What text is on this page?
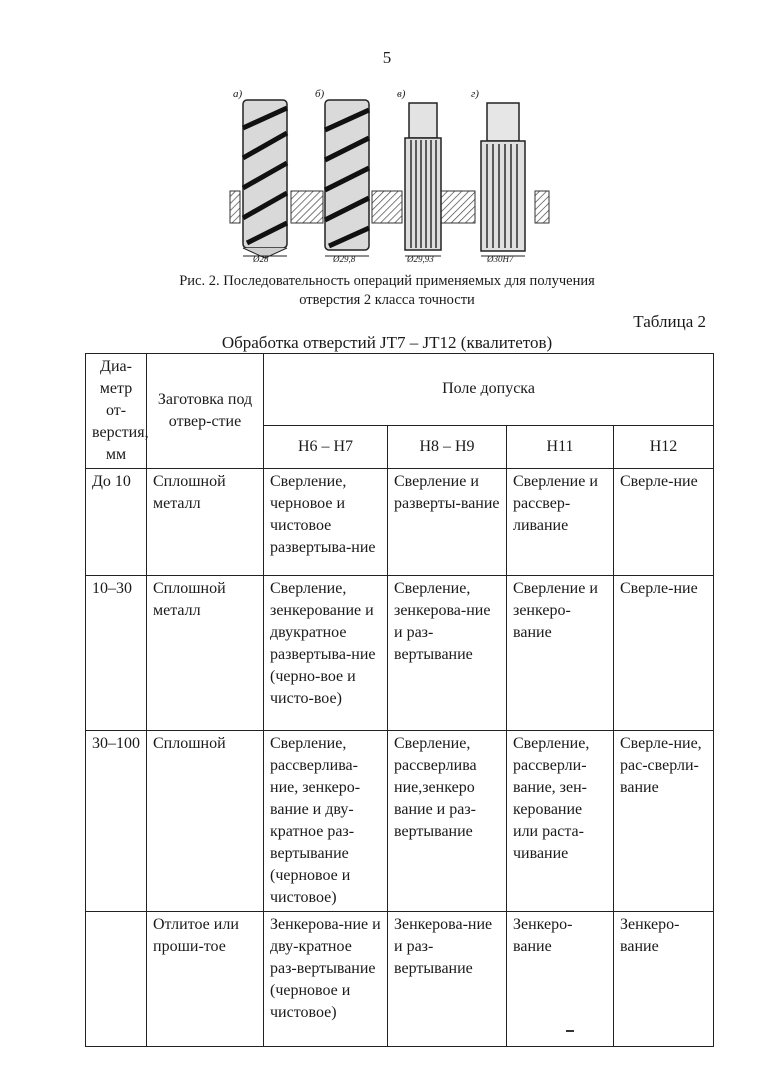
5
а)	б)	в)	г)
Ø28	Ø29,8	Ø29,93	Ø30H7
Рис. 2. Последовательность операций применяемых для получения
отверстия 2 класса точности
Таблица 2
Обработка отверстий JT7 – JT12 (квалитетов)
Диа-метр от-верстия, мм	Заготовка под отвер-стие	Поле допуска			
		Н6 – Н7	Н8 – Н9	Н11	Н12
До 10	Сплошной металл	Сверление, черновое и чистовое развертыва-ние	Сверление и разверты-вание	Сверление и рассвер-ливание	Сверле-ние
10–30	Сплошной металл	Сверление, зенкерование и двукратное развертыва-ние (черно-вое и чисто-вое)	Сверление, зенкерова-ние и раз-вертывание	Сверление и зенкеро-вание	Сверле-ние
30–100	Сплошной	Сверление, рассверлива-ние, зенкеро-вание и дву-кратное раз-вертывание (черновое и чистовое)	Сверление, рассверлива ние,зенкеро вание и раз-вертывание	Сверление, рассверли-вание, зен-керование или раста-чивание	Сверле-ние, рас-сверли-вание
	Отлитое или проши-тое	Зенкерова-ние и дву-кратное раз-вертывание (черновое и чистовое)	Зенкерова-ние и раз-вертывание	Зенкеро-вание	Зенкеро-вание
